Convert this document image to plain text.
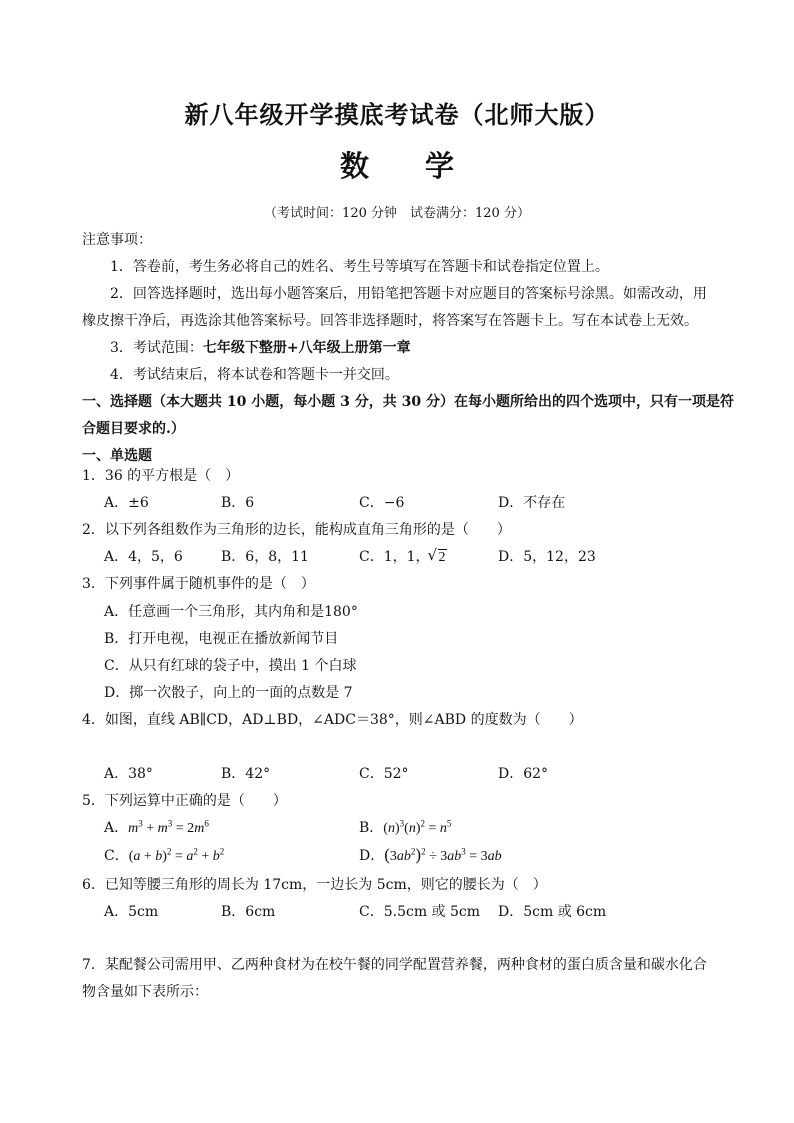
新八年级开学摸底考试卷（北师大版）
数学
（考试时间：120 分钟　试卷满分：120 分）
注意事项：
1．答卷前，考生务必将自己的姓名、考生号等填写在答题卡和试卷指定位置上。
2．回答选择题时，选出每小题答案后，用铅笔把答题卡对应题目的答案标号涂黑。如需改动，用
橡皮擦干净后，再选涂其他答案标号。回答非选择题时，将答案写在答题卡上。写在本试卷上无效。
3．考试范围：七年级下整册+八年级上册第一章
4．考试结束后，将本试卷和答题卡一并交回。
一、选择题（本大题共 10 小题，每小题 3 分，共 30 分）在每小题所给出的四个选项中，只有一项是符
合题目要求的.）
一、单选题
1．36 的平方根是（　）
A．±6	B．6	C．−6	D．不存在
2．以下列各组数作为三角形的边长，能构成直角三角形的是（　　）
A．4，5，6	B．6，8，11	C．1，1，√ 2	D．5，12，23
3．下列事件属于随机事件的是（　）
A．任意画一个三角形，其内角和是180°
B．打开电视，电视正在播放新闻节目
C．从只有红球的袋子中，摸出 1 个白球
D．掷一次骰子，向上的一面的点数是 7
4．如图，直线 AB∥CD，AD⊥BD，∠ADC＝38°，则∠ABD 的度数为（　　）
A．38°	B．42°	C．52°	D．62°
5．下列运算中正确的是（　　）
A．$m^3 + m^3 = 2m^6$	B．$(n)^3(n)^2 = n^5$
C．$(a + b)^2 = a^2 + b^2$	D．$(3ab^2)^2 \div 3ab^3 = 3ab$
6．已知等腰三角形的周长为 17cm，一边长为 5cm，则它的腰长为（　）
A．5cm	B．6cm	C．5.5cm 或 5cm D．5cm 或 6cm
7．某配餐公司需用甲、乙两种食材为在校午餐的同学配置营养餐，两种食材的蛋白质含量和碳水化合
物含量如下表所示：
